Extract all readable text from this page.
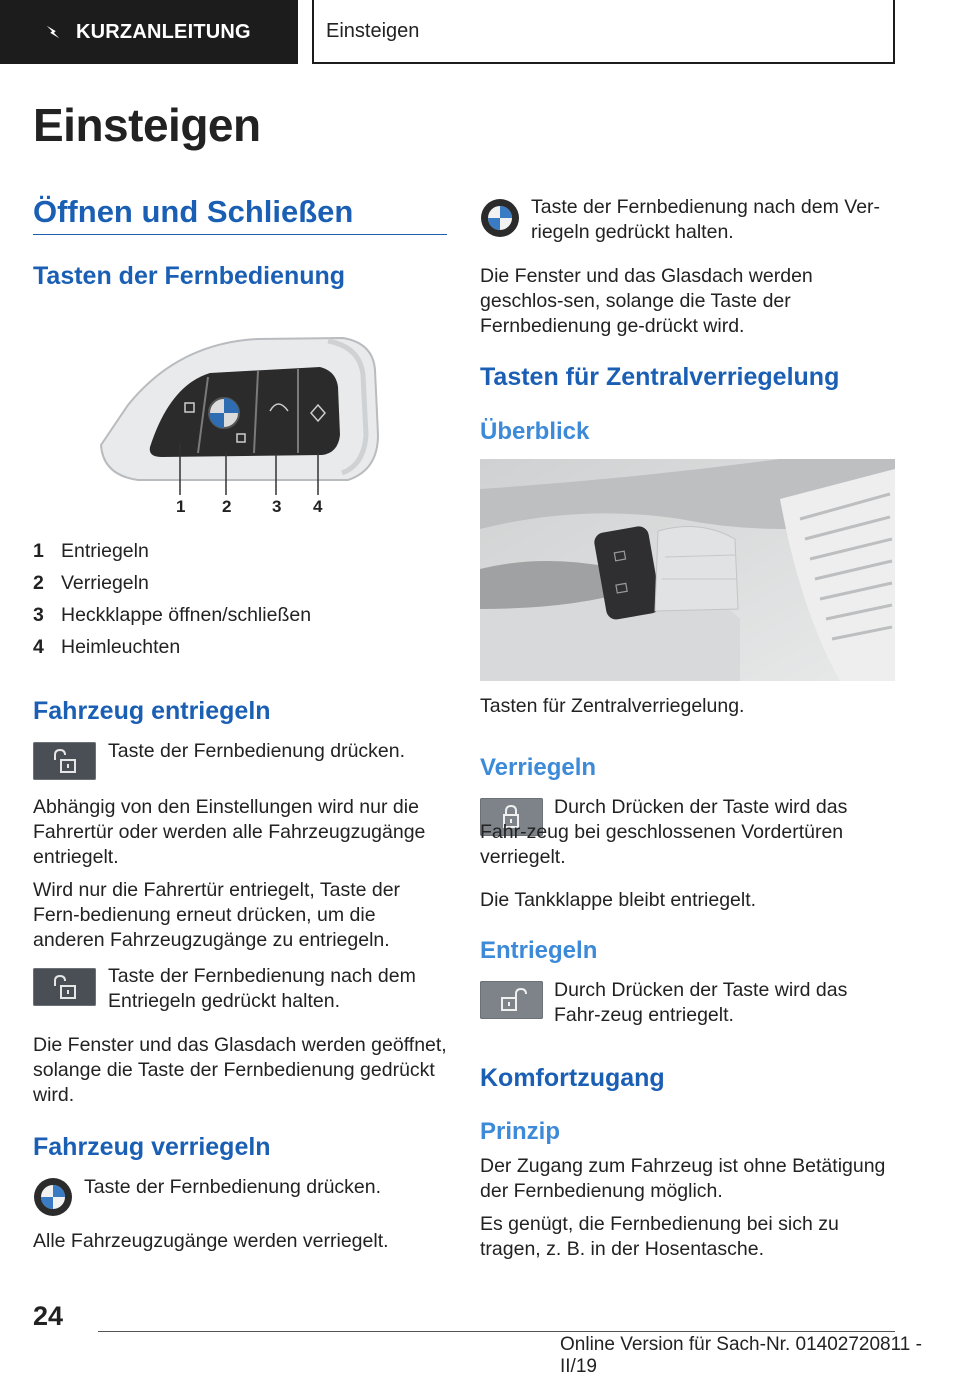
KURZANLEITUNG	Einsteigen
Einsteigen
Öffnen und Schließen
Tasten der Fernbedienung
1 2 3 4
1 Entriegeln
2 Verriegeln
3 Heckklappe öffnen/schließen
4 Heimleuchten
Fahrzeug entriegeln
Taste der Fernbedienung drücken.
Abhängig von den Einstellungen wird nur die Fahrertür oder werden alle Fahrzeugzugänge entriegelt.
Wird nur die Fahrertür entriegelt, Taste der Fern-bedienung erneut drücken, um die anderen Fahrzeugzugänge zu entriegeln.
Taste der Fernbedienung nach dem Entriegeln gedrückt halten.
Die Fenster und das Glasdach werden geöffnet, solange die Taste der Fernbedienung gedrückt wird.
Fahrzeug verriegeln
Taste der Fernbedienung drücken.
Alle Fahrzeugzugänge werden verriegelt.
Taste der Fernbedienung nach dem Ver-riegeln gedrückt halten.
Die Fenster und das Glasdach werden geschlos-sen, solange die Taste der Fernbedienung ge-drückt wird.
Tasten für Zentralverriegelung
Überblick
Tasten für Zentralverriegelung.
Verriegeln
Durch Drücken der Taste wird das Fahr-zeug bei geschlossenen Vordertüren verriegelt.
Die Tankklappe bleibt entriegelt.
Entriegeln
Durch Drücken der Taste wird das Fahr-zeug entriegelt.
Komfortzugang
Prinzip
Der Zugang zum Fahrzeug ist ohne Betätigung der Fernbedienung möglich.
Es genügt, die Fernbedienung bei sich zu tragen, z. B. in der Hosentasche.
24
Online Version für Sach-Nr. 01402720811 - II/19
